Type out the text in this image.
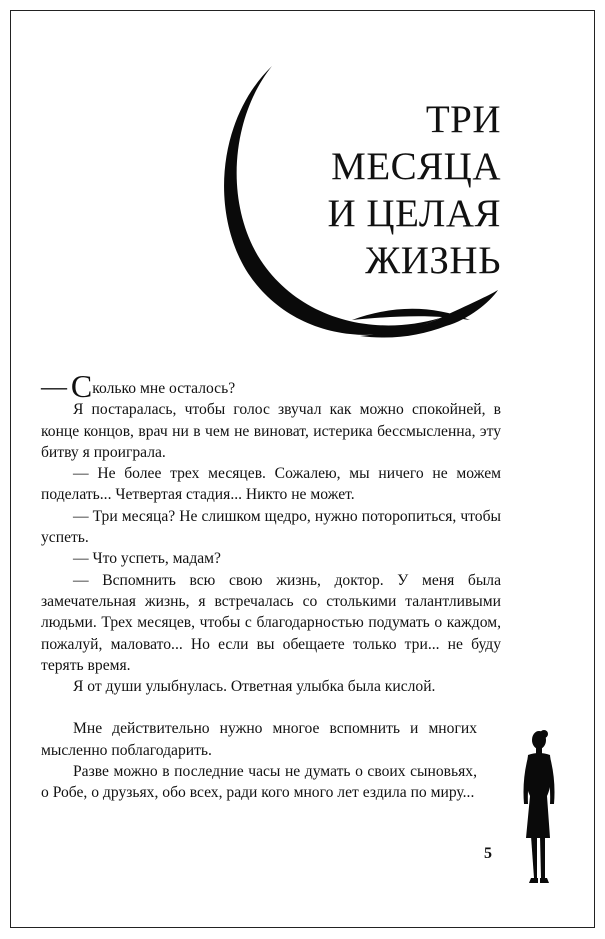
ТРИ
МЕСЯЦА
И ЦЕЛАЯ
ЖИЗНЬ

— Сколько мне осталось?

Я постаралась, чтобы голос звучал как можно спокойней, в конце концов, врач ни в чем не виноват, истерика бессмысленна, эту битву я проиграла.

— Не более трех месяцев. Сожалею, мы ничего не можем поделать... Четвертая стадия... Никто не может.

— Три месяца? Не слишком щедро, нужно поторопиться, чтобы успеть.

— Что успеть, мадам?

— Вспомнить всю свою жизнь, доктор. У меня была замечательная жизнь, я встречалась со столькими талантливыми людьми. Трех месяцев, чтобы с благодарностью подумать о каждом, пожалуй, маловато... Но если вы обещаете только три... не буду терять время.

Я от души улыбнулась. Ответная улыбка была кислой.

Мне действительно нужно многое вспомнить и многих мысленно поблагодарить.

Разве можно в последние часы не думать о своих сыновьях, о Робе, о друзьях, обо всех, ради кого много лет ездила по миру...

5
